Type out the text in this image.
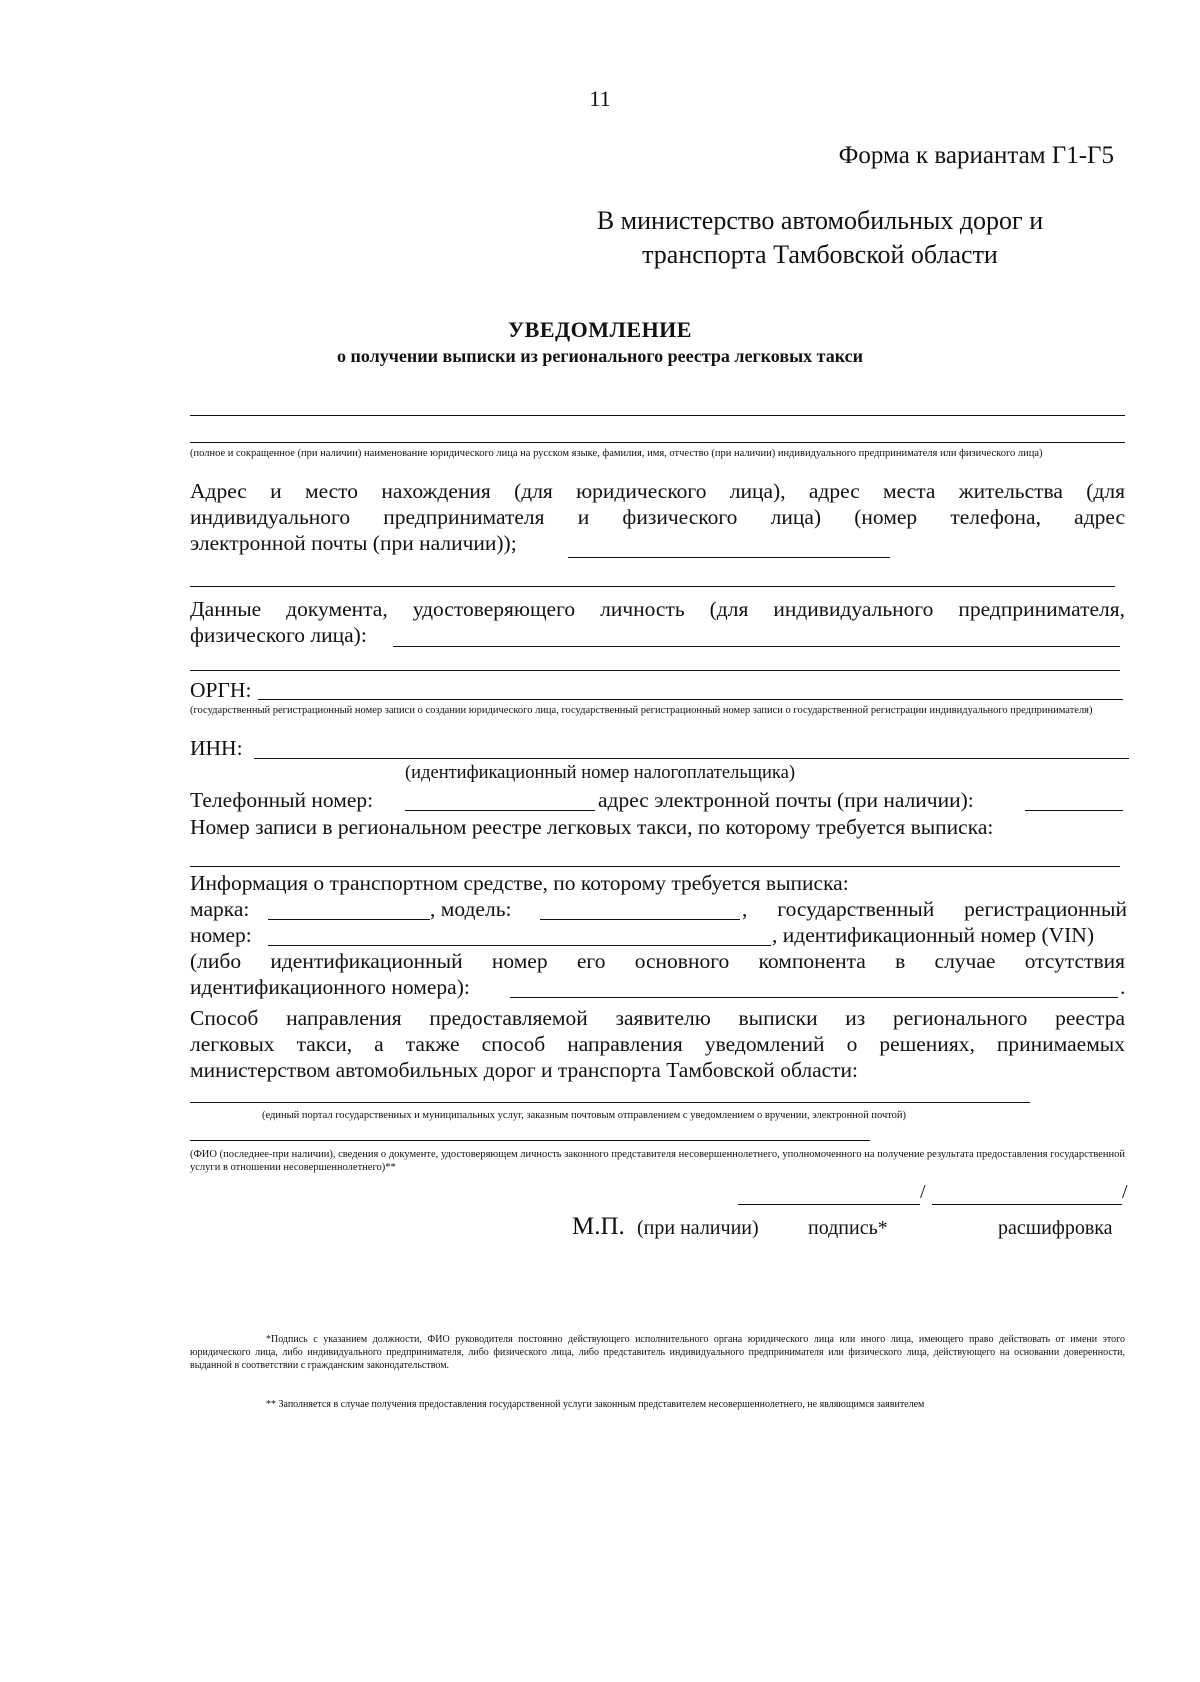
11
Форма к вариантам Г1-Г5
В министерство автомобильных дорог и
транспорта Тамбовской области
УВЕДОМЛЕНИЕ
о получении выписки из регионального реестра легковых такси
(полное и сокращенное (при наличии) наименование юридического лица на русском языке, фамилия, имя, отчество (при наличии) индивидуального предпринимателя или физического лица)
Адрес и место нахождения (для юридического лица), адрес места жительства (для
индивидуального предпринимателя и физического лица) (номер телефона, адрес
электронной почты (при наличии));
Данные документа, удостоверяющего личность (для индивидуального предпринимателя,
физического лица):
ОРГН:
(государственный регистрационный номер записи о создании юридического лица, государственный регистрационный номер записи о государственной регистрации индивидуального предпринимателя)
ИНН:
(идентификационный номер налогоплательщика)
Телефонный номер:	адрес электронной почты (при наличии):
Номер записи в региональном реестре легковых такси, по которому требуется выписка:
Информация о транспортном средстве, по которому требуется выписка:
марка:	, модель:	, государственный регистрационный
номер:	, идентификационный номер (VIN)
(либо идентификационный номер его основного компонента в случае отсутствия
идентификационного номера):	.
Способ направления предоставляемой заявителю выписки из регионального реестра
легковых такси, а также способ направления уведомлений о решениях, принимаемых
министерством автомобильных дорог и транспорта Тамбовской области:
(единый портал государственных и муниципальных услуг, заказным почтовым отправлением с уведомлением о вручении, электронной почтой)
(ФИО (последнее-при наличии), сведения о документе, удостоверяющем личность законного представителя несовершеннолетнего, уполномоченного на получение результата предоставления государственной услуги в отношении несовершеннолетнего)**
/	/
М.П. (при наличии) подпись*	расшифровка
*Подпись с указанием должности, ФИО руководителя постоянно действующего исполнительного органа юридического лица или иного лица, имеющего право действовать от имени этого юридического лица, либо индивидуального предпринимателя, либо физического лица, либо представитель индивидуального предпринимателя или физического лица, действующего на основании доверенности, выданной в соответствии с гражданским законодательством.
** Заполняется в случае получения предоставления государственной услуги законным представителем несовершеннолетнего, не являющимся заявителем
